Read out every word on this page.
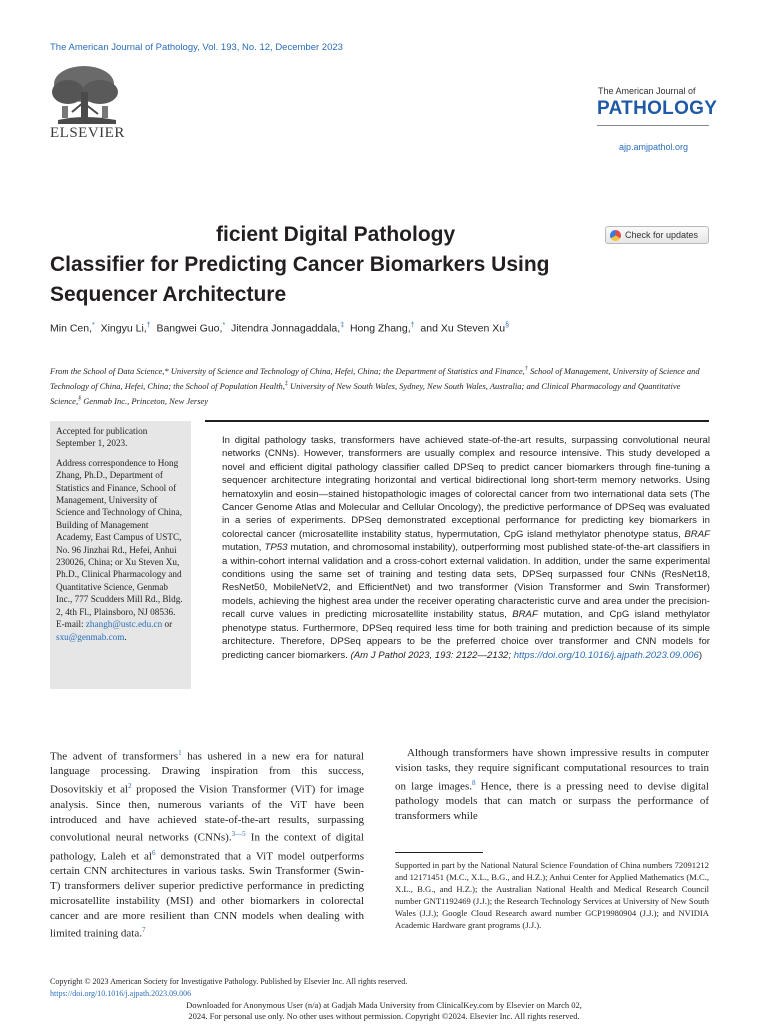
The American Journal of Pathology, Vol. 193, No. 12, December 2023
ELSEVIER
The American Journal of
PATHOLOGY
ajp.amjpathol.org
ficient Digital Pathology
Classifier for Predicting Cancer Biomarkers Using
Sequencer Architecture
Check for updates
Min Cen,* Xingyu Li,† Bangwei Guo,* Jitendra Jonnagaddala,‡ Hong Zhang,† and Xu Steven Xu§
From the School of Data Science,* University of Science and Technology of China, Hefei, China; the Department of Statistics and Finance,† School of Management, University of Science and Technology of China, Hefei, China; the School of Population Health,‡ University of New South Wales, Sydney, New South Wales, Australia; and Clinical Pharmacology and Quantitative Science,§ Genmab Inc., Princeton, New Jersey
Accepted for publication September 1, 2023.
Address correspondence to Hong Zhang, Ph.D., Department of Statistics and Finance, School of Management, University of Science and Technology of China, Building of Management Academy, East Campus of USTC, No. 96 Jinzhai Rd., Hefei, Anhui 230026, China; or Xu Steven Xu, Ph.D., Clinical Pharmacology and Quantitative Science, Genmab Inc., 777 Scudders Mill Rd., Bldg. 2, 4th Fl., Plainsboro, NJ 08536. E-mail: zhangh@ustc.edu.cn or sxu@genmab.com.
In digital pathology tasks, transformers have achieved state-of-the-art results, surpassing convolutional neural networks (CNNs). However, transformers are usually complex and resource intensive. This study developed a novel and efficient digital pathology classifier called DPSeq to predict cancer biomarkers through fine-tuning a sequencer architecture integrating horizontal and vertical bidirectional long short-term memory networks. Using hematoxylin and eosin—stained histopathologic images of colorectal cancer from two international data sets (The Cancer Genome Atlas and Molecular and Cellular Oncology), the predictive performance of DPSeq was evaluated in a series of experiments. DPSeq demonstrated exceptional performance for predicting key biomarkers in colorectal cancer (microsatellite instability status, hypermutation, CpG island methylator phenotype status, BRAF mutation, TP53 mutation, and chromosomal instability), outperforming most published state-of-the-art classifiers in a within-cohort internal validation and a cross-cohort external validation. In addition, under the same experimental conditions using the same set of training and testing data sets, DPSeq surpassed four CNNs (ResNet18, ResNet50, MobileNetV2, and EfficientNet) and two transformer (Vision Transformer and Swin Transformer) models, achieving the highest area under the receiver operating characteristic curve and area under the precision-recall curve values in predicting microsatellite instability status, BRAF mutation, and CpG island methylator phenotype status. Furthermore, DPSeq required less time for both training and prediction because of its simple architecture. Therefore, DPSeq appears to be the preferred choice over transformer and CNN models for predicting cancer biomarkers. (Am J Pathol 2023, 193: 2122—2132; https://doi.org/10.1016/j.ajpath.2023.09.006)
The advent of transformers$^1$ has ushered in a new era for natural language processing. Drawing inspiration from this success, Dosovitskiy et $al^2$ proposed the Vision Transformer (ViT) for image analysis. Since then, numerous variants of the ViT have been introduced and have achieved state-of-the-art results, surpassing convolutional neural networks (CNNs).$^{3—5}$ In the context of digital pathology, Laleh et $al^6$ demonstrated that a ViT model outperforms certain CNN architectures in various tasks. Swin Transformer (Swin-T) transformers deliver superior predictive performance in predicting microsatellite instability (MSI) and other biomarkers in colorectal cancer and are more resilient than CNN models when dealing with limited training data.$^7$
Although transformers have shown impressive results in computer vision tasks, they require significant computational resources to train on large images.$^8$ Hence, there is a pressing need to devise digital pathology models that can match or surpass the performance of transformers while
Supported in part by the National Natural Science Foundation of China numbers 72091212 and 12171451 (M.C., X.L., B.G., and H.Z.); Anhui Center for Applied Mathematics (M.C., X.L., B.G., and H.Z.); the Australian National Health and Medical Research Council number GNT1192469 (J.J.); the Research Technology Services at University of New South Wales (J.J.); Google Cloud Research award number GCP19980904 (J.J.); and NVIDIA Academic Hardware grant programs (J.J.).
Copyright © 2023 American Society for Investigative Pathology. Published by Elsevier Inc. All rights reserved.
https://doi.org/10.1016/j.ajpath.2023.09.006
Downloaded for Anonymous User (n/a) at Gadjah Mada University from ClinicalKey.com by Elsevier on March 02,
2024. For personal use only. No other uses without permission. Copyright ©2024. Elsevier Inc. All rights reserved.
